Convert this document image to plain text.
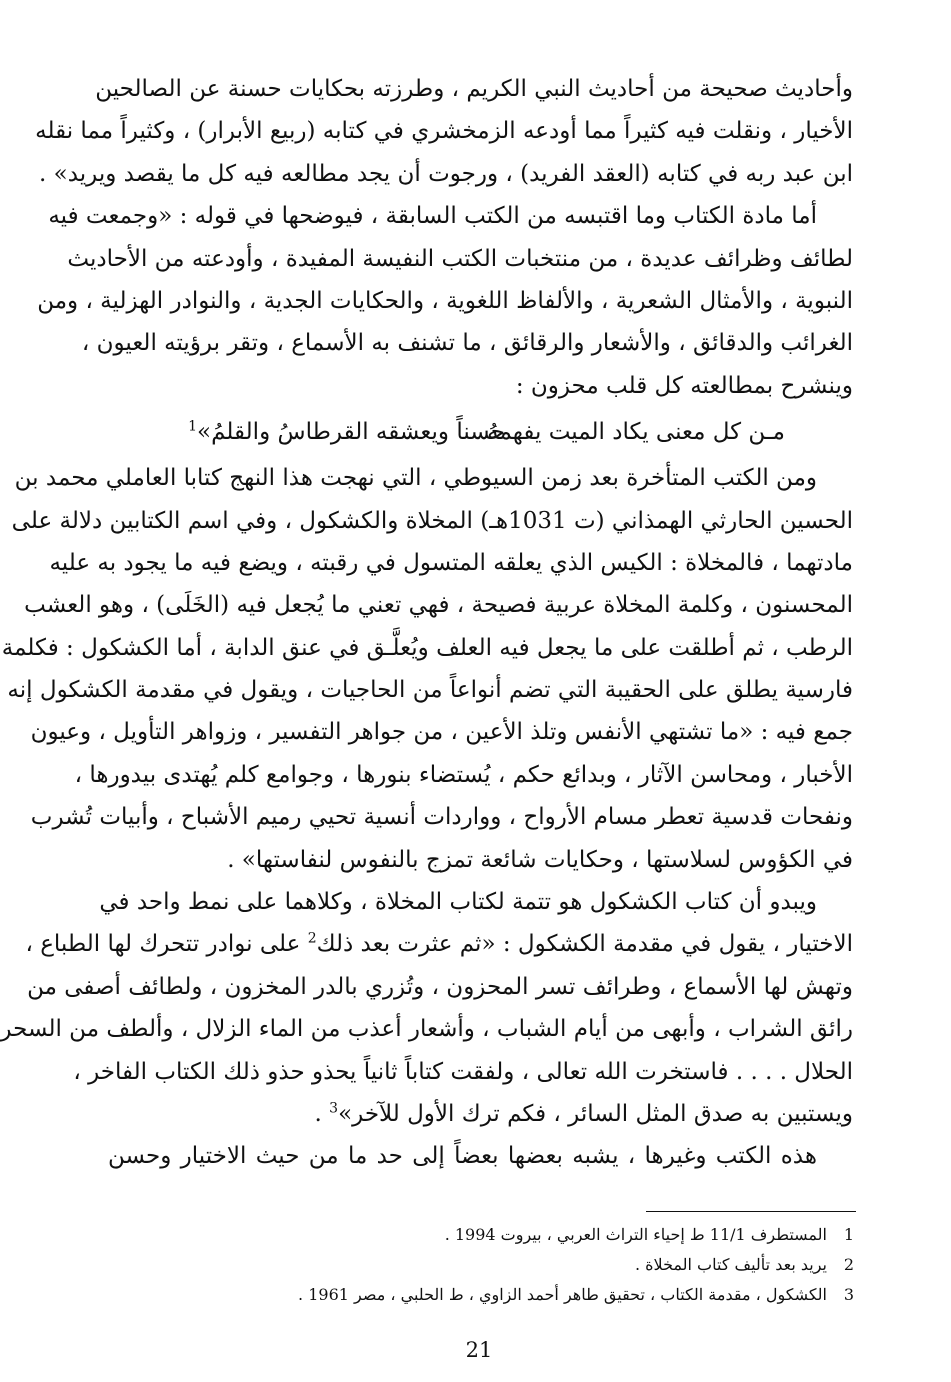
وأحاديث صحيحة من أحاديث النبي الكريم ، وطرزته بحكايات حسنة عن الصالحين
الأخيار ، ونقلت فيه كثيراً مما أودعه الزمخشري في كتابه (ربيع الأبرار) ، وكثيراً مما نقله
ابن عبد ربه في كتابه (العقد الفريد) ، ورجوت أن يجد مطالعه فيه كل ما يقصد ويريد» .
أما مادة الكتاب وما اقتبسه من الكتب السابقة ، فيوضحها في قوله : «وجمعت فيه
لطائف وظرائف عديدة ، من منتخبات الكتب النفيسة المفيدة ، وأودعته من الأحاديث
النبوية ، والأمثال الشعرية ، والألفاظ اللغوية ، والحكايات الجدية ، والنوادر الهزلية ، ومن
الغرائب والدقائق ، والأشعار والرقائق ، ما تشنف به الأسماع ، وتقر برؤيته العيون ،
وينشرح بمطالعته كل قلب محزون :
مـن كل معنى يكاد الميت يفهمهُ
حسناً ويعشقه القرطاسُ والقلمُ»$^1$
ومن الكتب المتأخرة بعد زمن السيوطي ، التي نهجت هذا النهج كتابا العاملي محمد بن
الحسين الحارثي الهمذاني (ت 1031هـ) المخلاة والكشكول ، وفي اسم الكتابين دلالة على
مادتهما ، فالمخلاة : الكيس الذي يعلقه المتسول في رقبته ، ويضع فيه ما يجود به عليه
المحسنون ، وكلمة المخلاة عربية فصيحة ، فهي تعني ما يُجعل فيه (الخَلَى) ، وهو العشب
الرطب ، ثم أطلقت على ما يجعل فيه العلف ويُعلَّـق في عنق الدابة ، أما الكشكول : فكلمة
فارسية يطلق على الحقيبة التي تضم أنواعاً من الحاجيات ، ويقول في مقدمة الكشكول إنه
جمع فيه : «ما تشتهي الأنفس وتلذ الأعين ، من جواهر التفسير ، وزواهر التأويل ، وعيون
الأخبار ، ومحاسن الآثار ، وبدائع حكم ، يُستضاء بنورها ، وجوامع كلم يُهتدى بيدورها ،
ونفحات قدسية تعطر مسام الأرواح ، وواردات أنسية تحيي رميم الأشباح ، وأبيات تُشرب
في الكؤوس لسلاستها ، وحكايات شائعة تمزج بالنفوس لنفاستها» .
ويبدو أن كتاب الكشكول هو تتمة لكتاب المخلاة ، وكلاهما على نمط واحد في
الاختيار ، يقول في مقدمة الكشكول : «ثم عثرت بعد ذلك$^2$ على نوادر تتحرك لها الطباع ،
وتهش لها الأسماع ، وطرائف تسر المحزون ، وتُزري بالدر المخزون ، ولطائف أصفى من
رائق الشراب ، وأبهى من أيام الشباب ، وأشعار أعذب من الماء الزلال ، وألطف من السحر
الحلال . . . . فاستخرت الله تعالى ، ولفقت كتاباً ثانياً يحذو حذو ذلك الكتاب الفاخر ،
ويستبين به صدق المثل السائر ، فكم ترك الأول للآخر»$^3$ .
هذه الكتب وغيرها ، يشبه بعضها بعضاً إلى حد ما من حيث الاختيار وحسن
1
المستطرف 11/1 ط إحياء التراث العربي ، بيروت 1994 .
2
يريد بعد تأليف كتاب المخلاة .
3
الكشكول ، مقدمة الكتاب ، تحقيق طاهر أحمد الزاوي ، ط الحلبي ، مصر 1961 .
21
